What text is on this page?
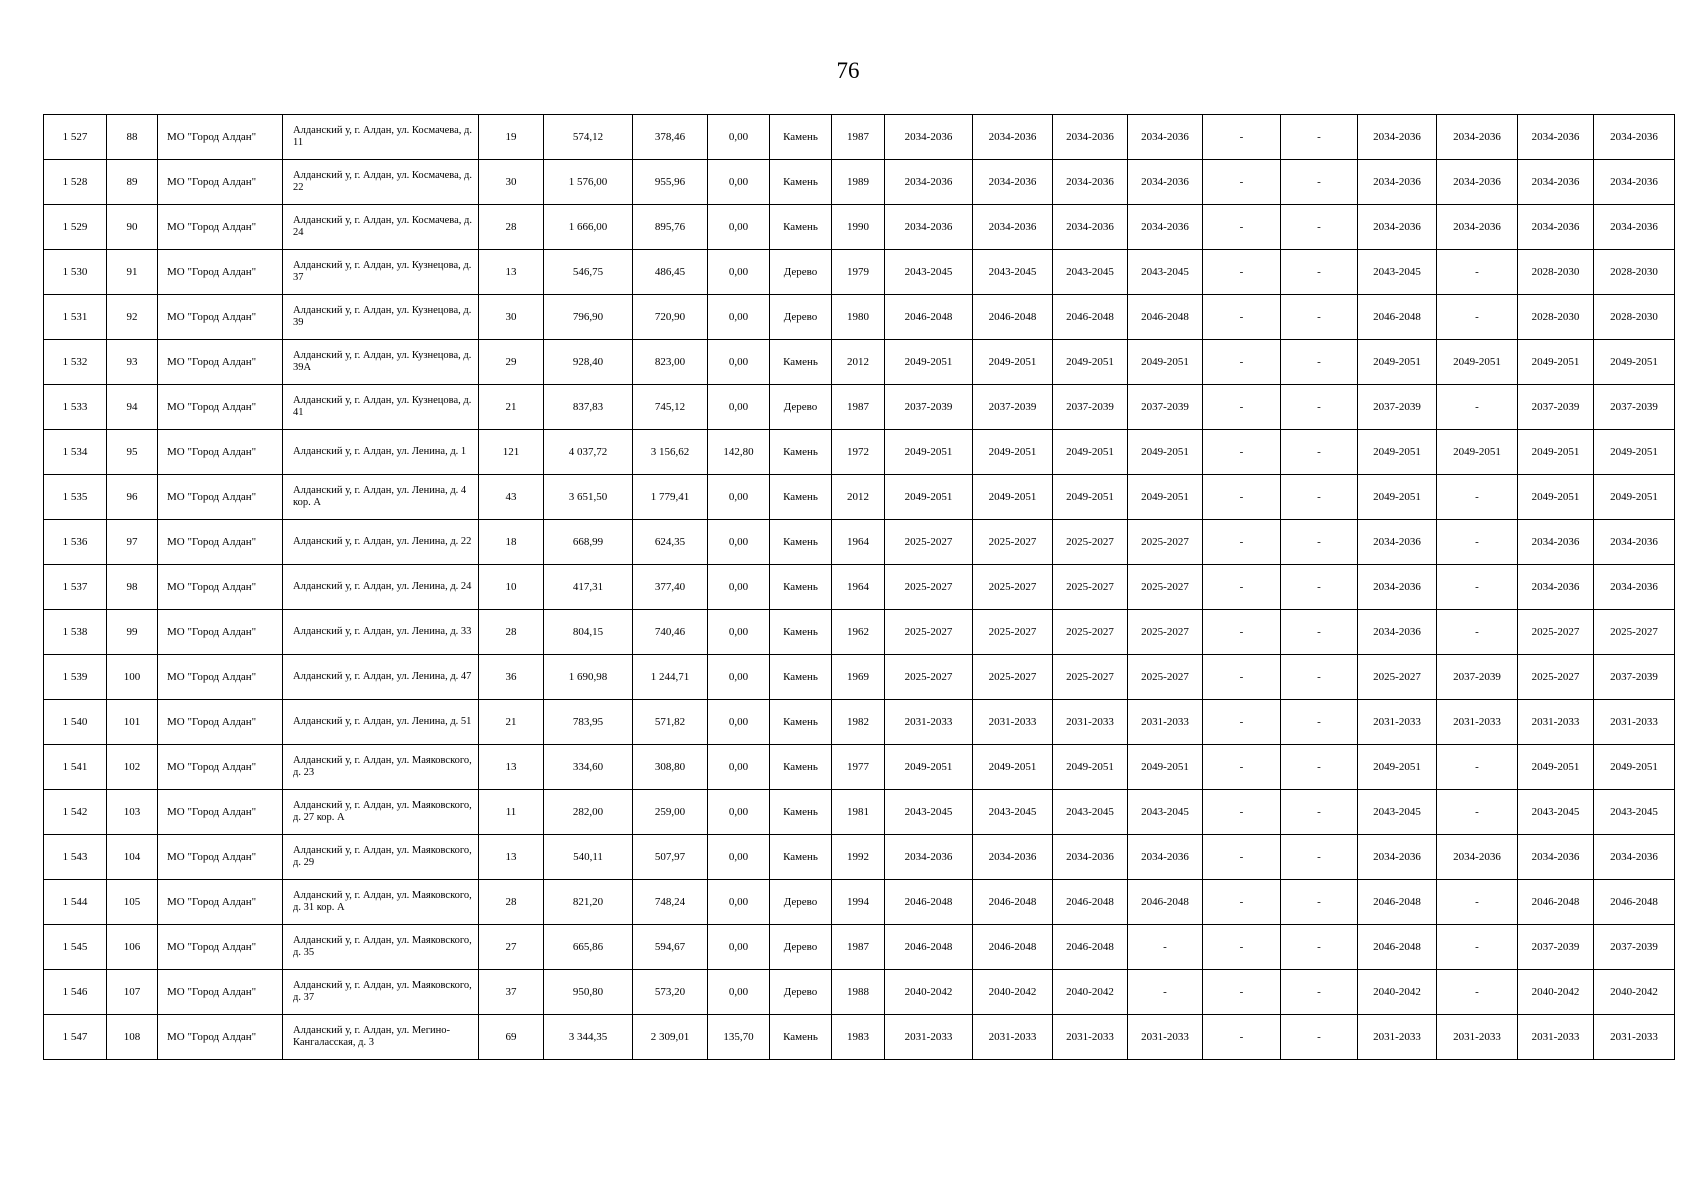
76
1 527	88	МО "Город Алдан"	Алданский у, г. Алдан, ул. Космачева, д. 11	19	574,12	378,46	0,00	Камень	1987	2034-2036	2034-2036	2034-2036	2034-2036	-	-	2034-2036	2034-2036	2034-2036	2034-2036
1 528	89	МО "Город Алдан"	Алданский у, г. Алдан, ул. Космачева, д. 22	30	1 576,00	955,96	0,00	Камень	1989	2034-2036	2034-2036	2034-2036	2034-2036	-	-	2034-2036	2034-2036	2034-2036	2034-2036
1 529	90	МО "Город Алдан"	Алданский у, г. Алдан, ул. Космачева, д. 24	28	1 666,00	895,76	0,00	Камень	1990	2034-2036	2034-2036	2034-2036	2034-2036	-	-	2034-2036	2034-2036	2034-2036	2034-2036
1 530	91	МО "Город Алдан"	Алданский у, г. Алдан, ул. Кузнецова, д. 37	13	546,75	486,45	0,00	Дерево	1979	2043-2045	2043-2045	2043-2045	2043-2045	-	-	2043-2045	-	2028-2030	2028-2030
1 531	92	МО "Город Алдан"	Алданский у, г. Алдан, ул. Кузнецова, д. 39	30	796,90	720,90	0,00	Дерево	1980	2046-2048	2046-2048	2046-2048	2046-2048	-	-	2046-2048	-	2028-2030	2028-2030
1 532	93	МО "Город Алдан"	Алданский у, г. Алдан, ул. Кузнецова, д. 39А	29	928,40	823,00	0,00	Камень	2012	2049-2051	2049-2051	2049-2051	2049-2051	-	-	2049-2051	2049-2051	2049-2051	2049-2051
1 533	94	МО "Город Алдан"	Алданский у, г. Алдан, ул. Кузнецова, д. 41	21	837,83	745,12	0,00	Дерево	1987	2037-2039	2037-2039	2037-2039	2037-2039	-	-	2037-2039	-	2037-2039	2037-2039
1 534	95	МО "Город Алдан"	Алданский у, г. Алдан, ул. Ленина, д. 1	121	4 037,72	3 156,62	142,80	Камень	1972	2049-2051	2049-2051	2049-2051	2049-2051	-	-	2049-2051	2049-2051	2049-2051	2049-2051
1 535	96	МО "Город Алдан"	Алданский у, г. Алдан, ул. Ленина, д. 4 кор. А	43	3 651,50	1 779,41	0,00	Камень	2012	2049-2051	2049-2051	2049-2051	2049-2051	-	-	2049-2051	-	2049-2051	2049-2051
1 536	97	МО "Город Алдан"	Алданский у, г. Алдан, ул. Ленина, д. 22	18	668,99	624,35	0,00	Камень	1964	2025-2027	2025-2027	2025-2027	2025-2027	-	-	2034-2036	-	2034-2036	2034-2036
1 537	98	МО "Город Алдан"	Алданский у, г. Алдан, ул. Ленина, д. 24	10	417,31	377,40	0,00	Камень	1964	2025-2027	2025-2027	2025-2027	2025-2027	-	-	2034-2036	-	2034-2036	2034-2036
1 538	99	МО "Город Алдан"	Алданский у, г. Алдан, ул. Ленина, д. 33	28	804,15	740,46	0,00	Камень	1962	2025-2027	2025-2027	2025-2027	2025-2027	-	-	2034-2036	-	2025-2027	2025-2027
1 539	100	МО "Город Алдан"	Алданский у, г. Алдан, ул. Ленина, д. 47	36	1 690,98	1 244,71	0,00	Камень	1969	2025-2027	2025-2027	2025-2027	2025-2027	-	-	2025-2027	2037-2039	2025-2027	2037-2039
1 540	101	МО "Город Алдан"	Алданский у, г. Алдан, ул. Ленина, д. 51	21	783,95	571,82	0,00	Камень	1982	2031-2033	2031-2033	2031-2033	2031-2033	-	-	2031-2033	2031-2033	2031-2033	2031-2033
1 541	102	МО "Город Алдан"	Алданский у, г. Алдан, ул. Маяковского, д. 23	13	334,60	308,80	0,00	Камень	1977	2049-2051	2049-2051	2049-2051	2049-2051	-	-	2049-2051	-	2049-2051	2049-2051
1 542	103	МО "Город Алдан"	Алданский у, г. Алдан, ул. Маяковского, д. 27 кор. А	11	282,00	259,00	0,00	Камень	1981	2043-2045	2043-2045	2043-2045	2043-2045	-	-	2043-2045	-	2043-2045	2043-2045
1 543	104	МО "Город Алдан"	Алданский у, г. Алдан, ул. Маяковского, д. 29	13	540,11	507,97	0,00	Камень	1992	2034-2036	2034-2036	2034-2036	2034-2036	-	-	2034-2036	2034-2036	2034-2036	2034-2036
1 544	105	МО "Город Алдан"	Алданский у, г. Алдан, ул. Маяковского, д. 31 кор. А	28	821,20	748,24	0,00	Дерево	1994	2046-2048	2046-2048	2046-2048	2046-2048	-	-	2046-2048	-	2046-2048	2046-2048
1 545	106	МО "Город Алдан"	Алданский у, г. Алдан, ул. Маяковского, д. 35	27	665,86	594,67	0,00	Дерево	1987	2046-2048	2046-2048	2046-2048	-	-	-	2046-2048	-	2037-2039	2037-2039
1 546	107	МО "Город Алдан"	Алданский у, г. Алдан, ул. Маяковского, д. 37	37	950,80	573,20	0,00	Дерево	1988	2040-2042	2040-2042	2040-2042	-	-	-	2040-2042	-	2040-2042	2040-2042
1 547	108	МО "Город Алдан"	Алданский у, г. Алдан, ул. Мегино-Кангаласская, д. 3	69	3 344,35	2 309,01	135,70	Камень	1983	2031-2033	2031-2033	2031-2033	2031-2033	-	-	2031-2033	2031-2033	2031-2033	2031-2033
